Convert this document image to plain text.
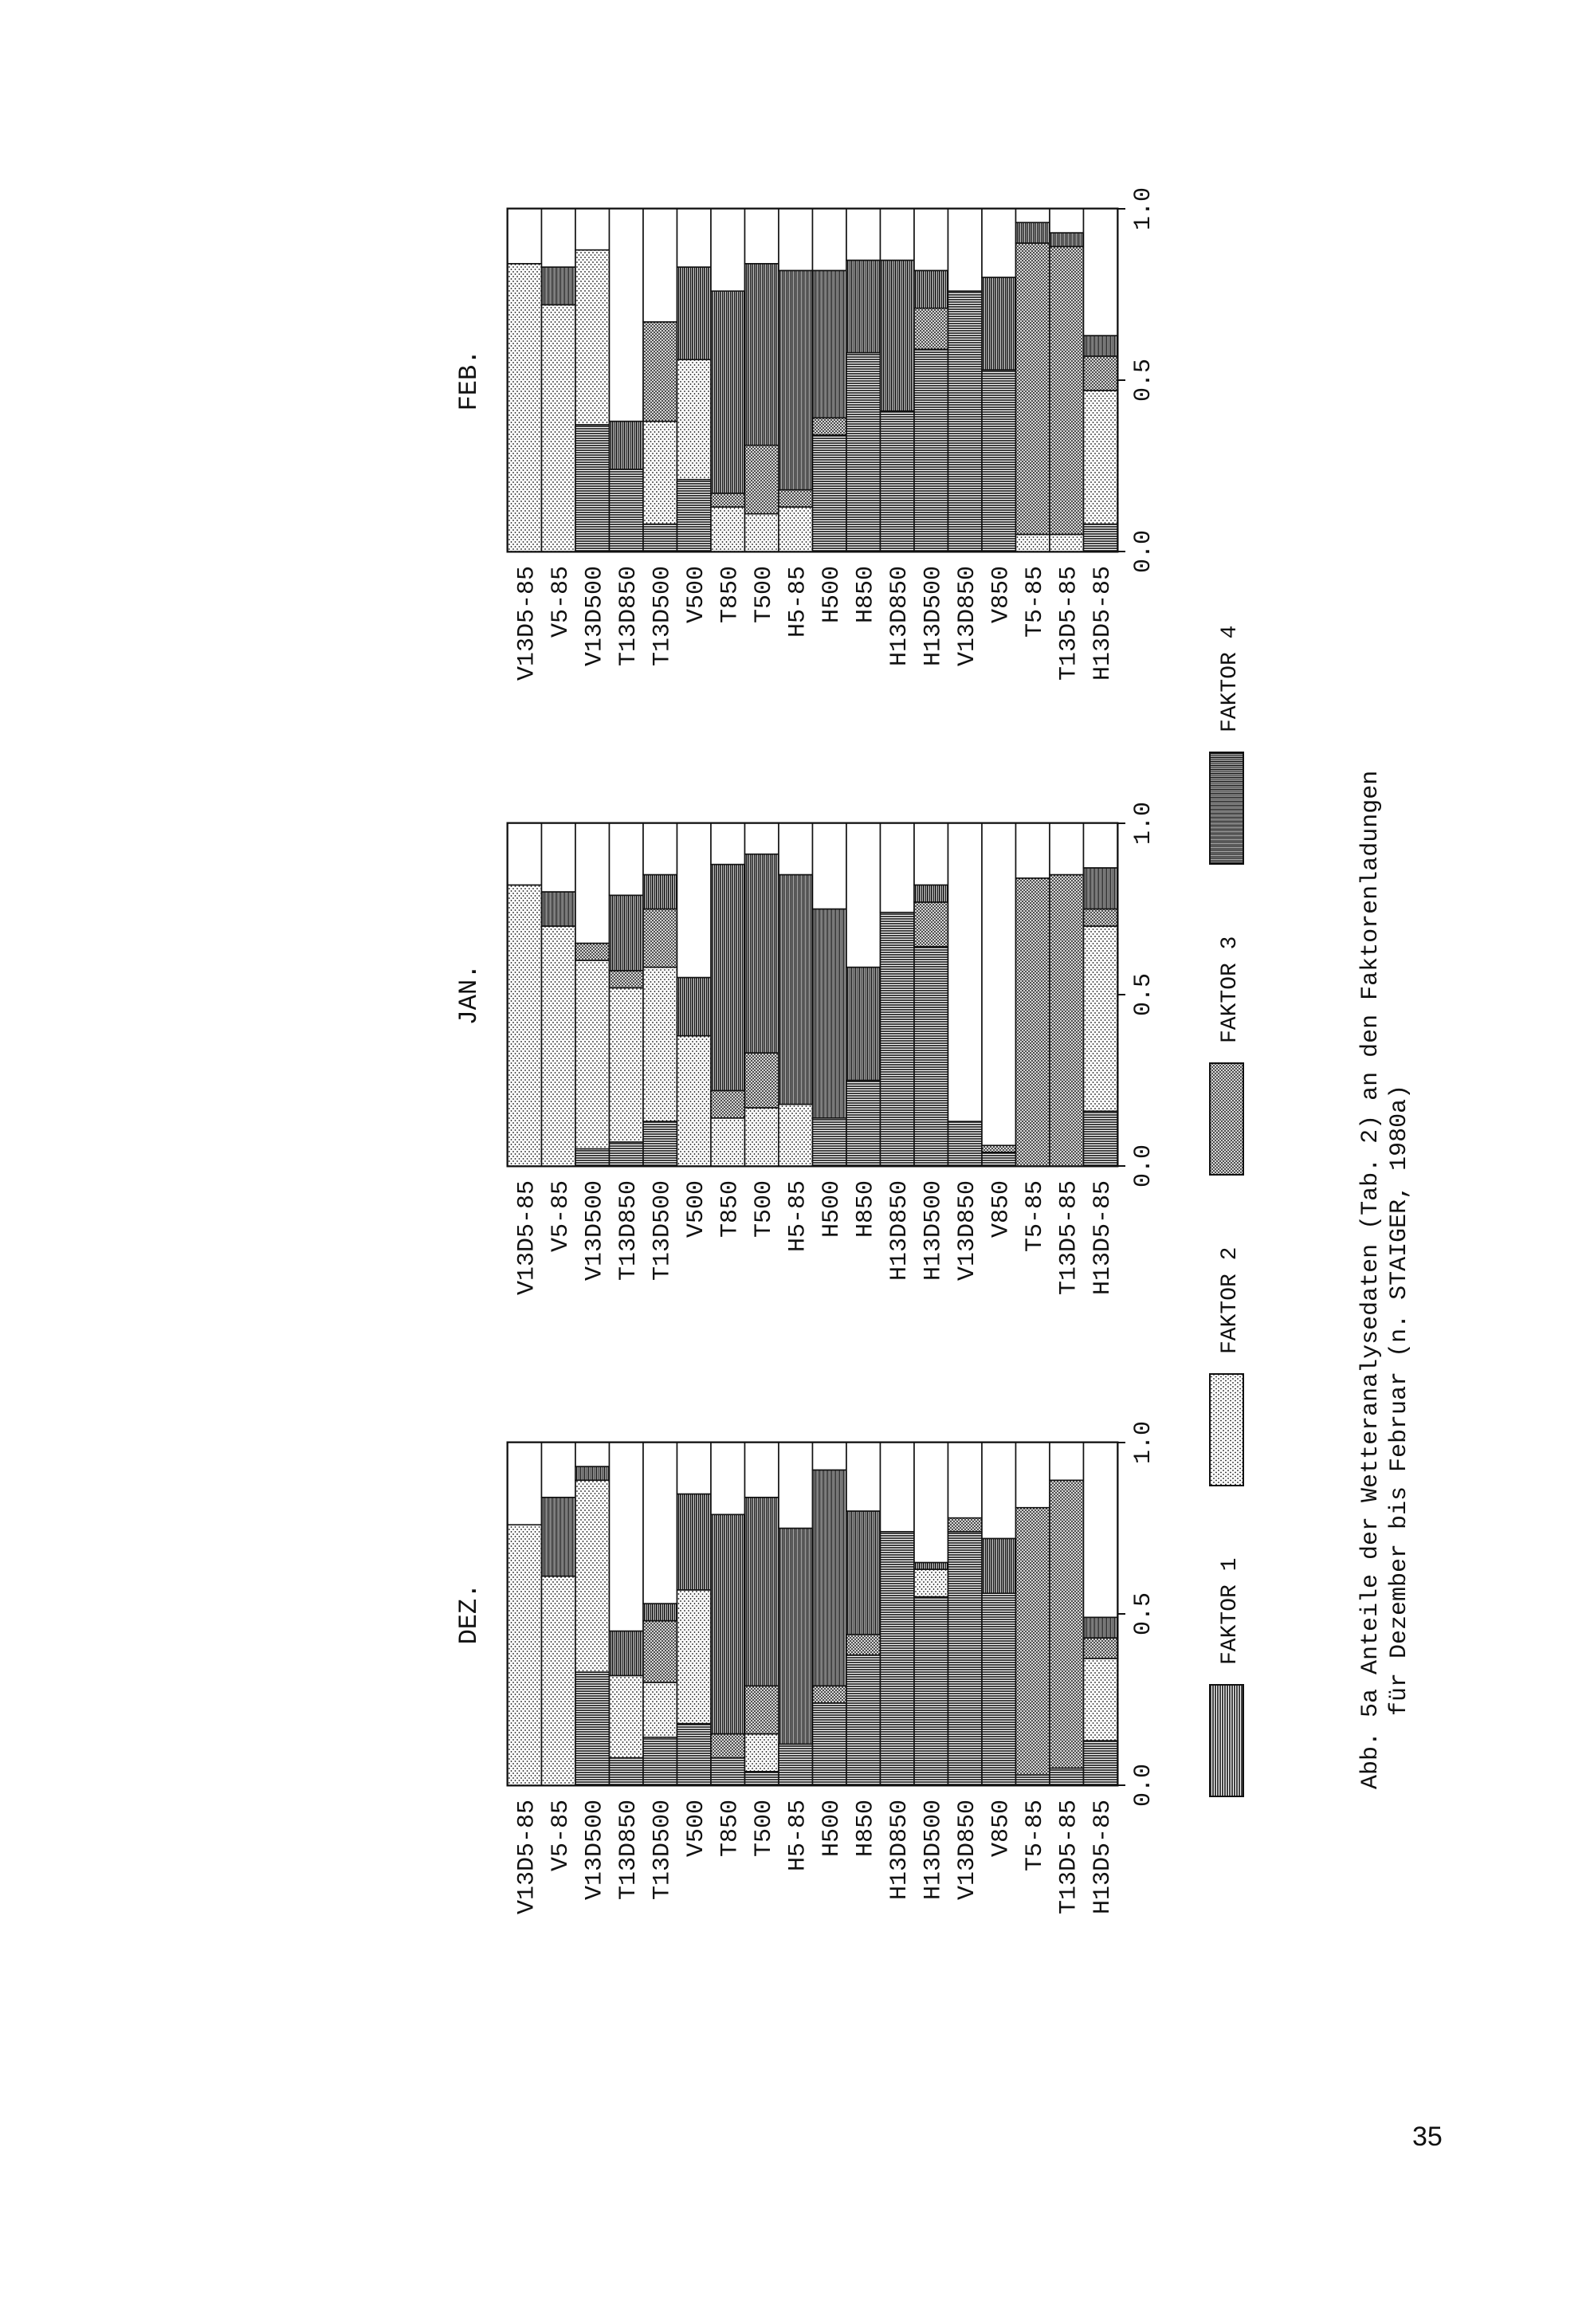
V13D5-85 V5-85 V13D500 T13D850 T13D500 V500 T850 T500 H5-85 H500 H850 H13D850 H13D500 V13D850 V850 T5-85 T13D5-85 H13D5-85
0.0
0.5
1.0
DEZ.
V13D5-85 V5-85 V13D500 T13D850 T13D500 V500 T850 T500 H5-85 H500 H850 H13D850 H13D500 V13D850 V850 T5-85 T13D5-85 H13D5-85
0.0
0.5
1.0
JAN.
V13D5-85 V5-85 V13D500 T13D850 T13D500 V500 T850 T500 H5-85 H500 H850 H13D850 H13D500 V13D850 V850 T5-85 T13D5-85 H13D5-85
0.0
0.5
1.0
FEB.
FAKTOR 1
FAKTOR 2
FAKTOR 3
FAKTOR 4
Abb. 5a Anteile der Wetteranalysedaten (Tab. 2) an den Faktorenladungen für Dezember bis Februar (n. STAIGER, 1980a)
35
